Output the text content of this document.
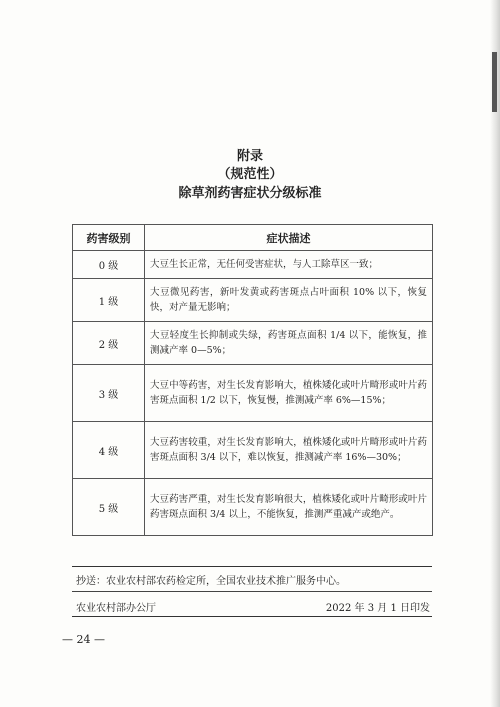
附录
（规范性）
除草剂药害症状分级标准
药害级别	症状描述
0 级	大豆生长正常，无任何受害症状，与人工除草区一致；
1 级	大豆微见药害，新叶发黄或药害斑点占叶面积 10% 以下，恢复快，对产量无影响；
2 级	大豆轻度生长抑制或失绿，药害斑点面积 1/4 以下，能恢复，推测减产率 0—5%；
3 级	大豆中等药害，对生长发育影响大，植株矮化或叶片畸形或叶片药害斑点面积 1/2 以下，恢复慢，推测减产率 6%—15%；
4 级	大豆药害较重，对生长发育影响大，植株矮化或叶片畸形或叶片药害斑点面积 3/4 以下，难以恢复，推测减产率 16%—30%；
5 级	大豆药害严重，对生长发育影响很大，植株矮化或叶片畸形或叶片药害斑点面积 3/4 以上，不能恢复，推测严重减产或绝产。
抄送：农业农村部农药检定所，全国农业技术推广服务中心。
农业农村部办公厅	2022 年 3 月 1 日印发
— 24 —
